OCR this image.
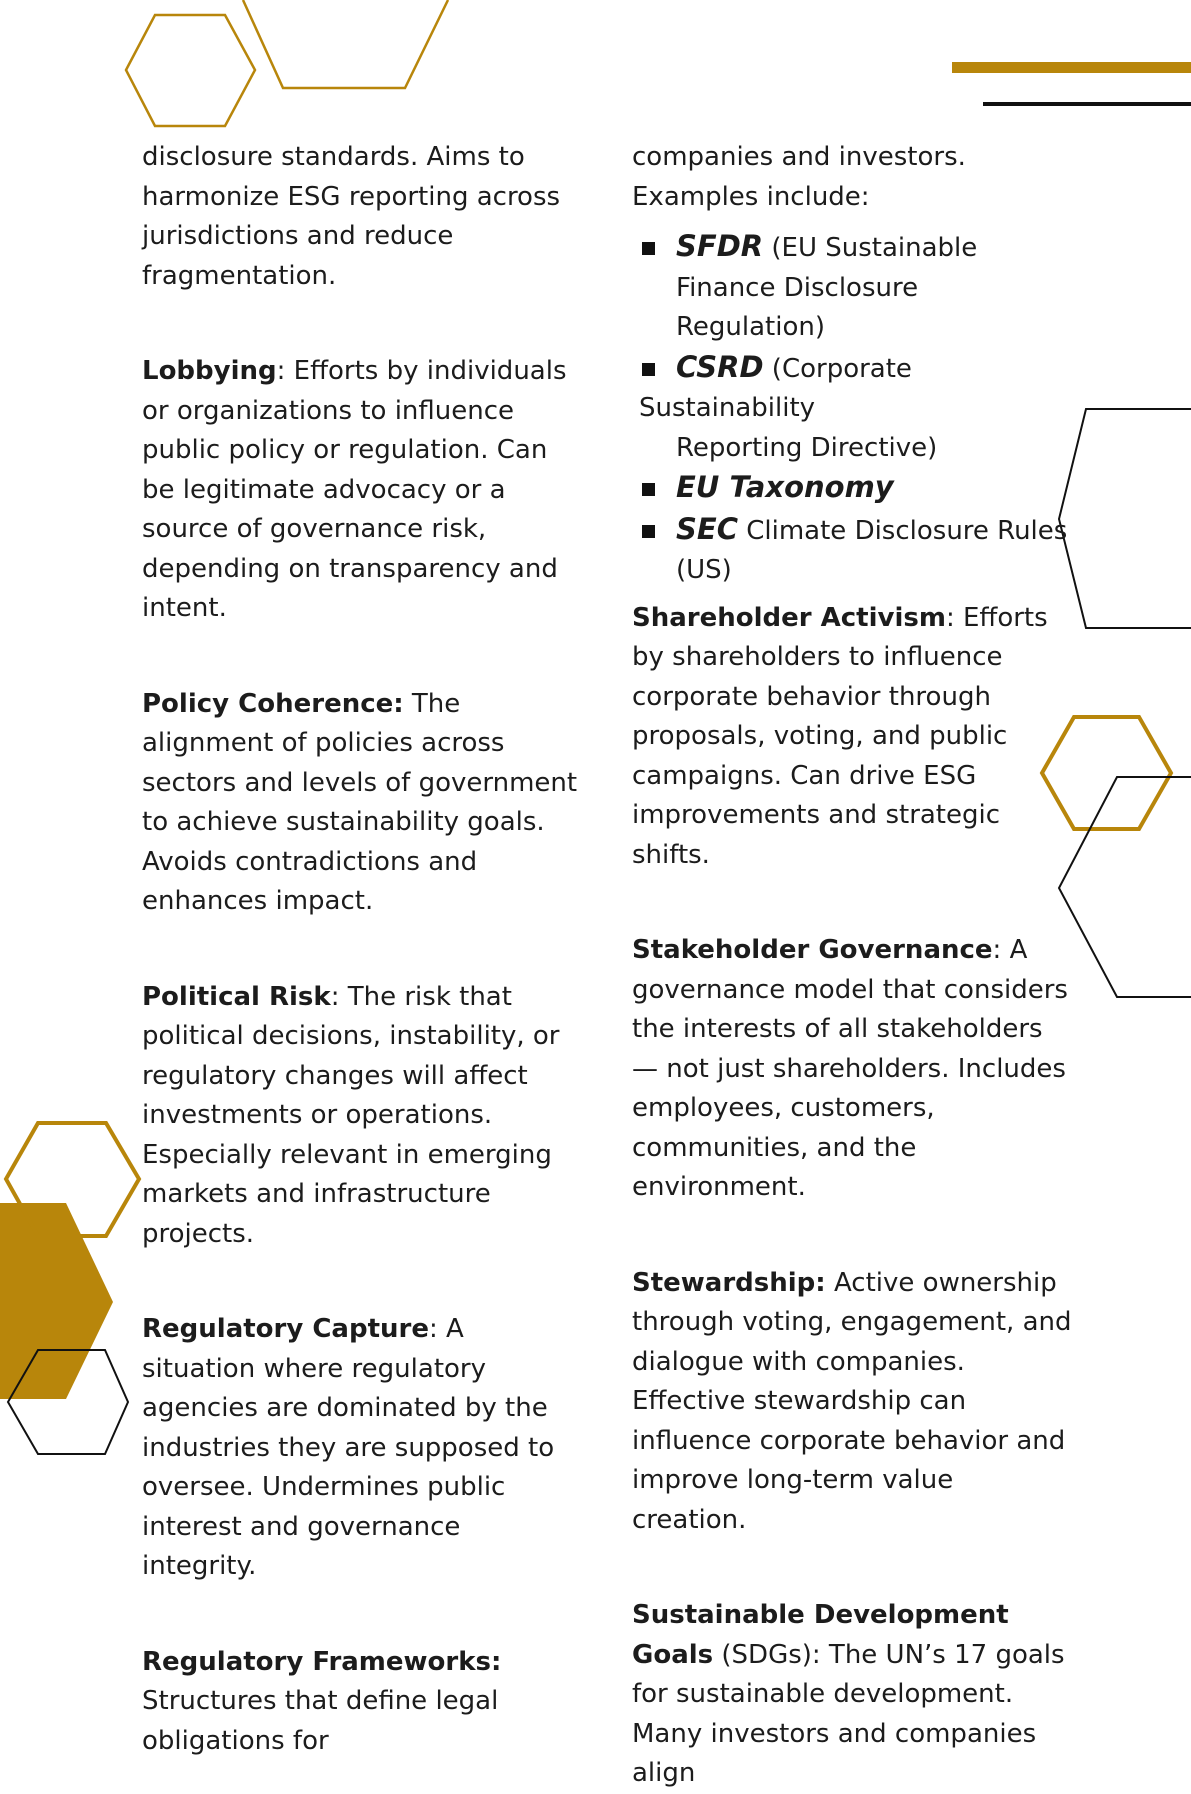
disclosure standards. Aims to harmonize ESG reporting across jurisdictions and reduce fragmentation.

Lobbying: Efforts by individuals or organizations to influence public policy or regulation. Can be legitimate advocacy or a source of governance risk, depending on transparency and intent.

Policy Coherence: The alignment of policies across sectors and levels of government to achieve sustainability goals. Avoids contradictions and enhances impact.

Political Risk: The risk that political decisions, instability, or regulatory changes will affect investments or operations. Especially relevant in emerging markets and infrastructure projects.

Regulatory Capture: A situation where regulatory agencies are dominated by the industries they are supposed to oversee. Undermines public interest and governance integrity.

Regulatory Frameworks: Structures that define legal obligations for

companies and investors. Examples include:

SFDR (EU Sustainable Finance Disclosure Regulation)
CSRD (Corporate
Sustainability
Reporting Directive)
EU Taxonomy
SEC Climate Disclosure Rules (US)

Shareholder Activism: Efforts by shareholders to influence corporate behavior through proposals, voting, and public campaigns. Can drive ESG improvements and strategic shifts.

Stakeholder Governance: A governance model that considers the interests of all stakeholders — not just shareholders. Includes employees, customers, communities, and the environment.

Stewardship: Active ownership through voting, engagement, and dialogue with companies. Effective stewardship can influence corporate behavior and improve long-term value creation.

Sustainable Development Goals (SDGs): The UN’s 17 goals for sustainable development. Many investors and companies align
